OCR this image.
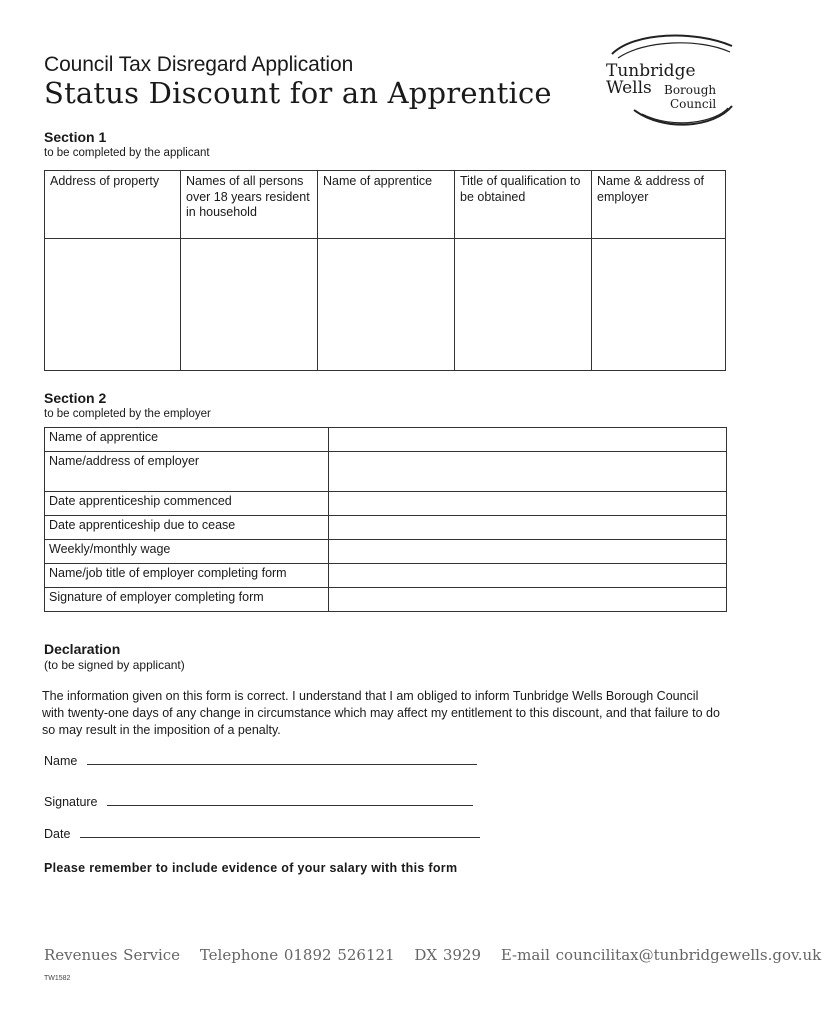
Council Tax Disregard Application
Status Discount for an Apprentice
Tunbridge
Wells Borough
Council
Section 1
to be completed by the applicant
Address of property	Names of all persons over 18 years resident in household	Name of apprentice	Title of qualification to be obtained	Name & address of employer

Section 2
to be completed by the employer
Name of apprentice	
Name/address of employer	
Date apprenticeship commenced	
Date apprenticeship due to cease	
Weekly/monthly wage	
Name/job title of employer completing form	
Signature of employer completing form	
Declaration
(to be signed by applicant)
The information given on this form is correct. I understand that I am obliged to inform Tunbridge Wells Borough Council with twenty-one days of any change in circumstance which may affect my entitlement to this discount, and that failure to do so may result in the imposition of a penalty.
Name
Signature
Date
Please remember to include evidence of your salary with this form
Revenues Service Telephone 01892 526121 DX 3929 E-mail councilitax@tunbridgewells.gov.uk
TW1582
